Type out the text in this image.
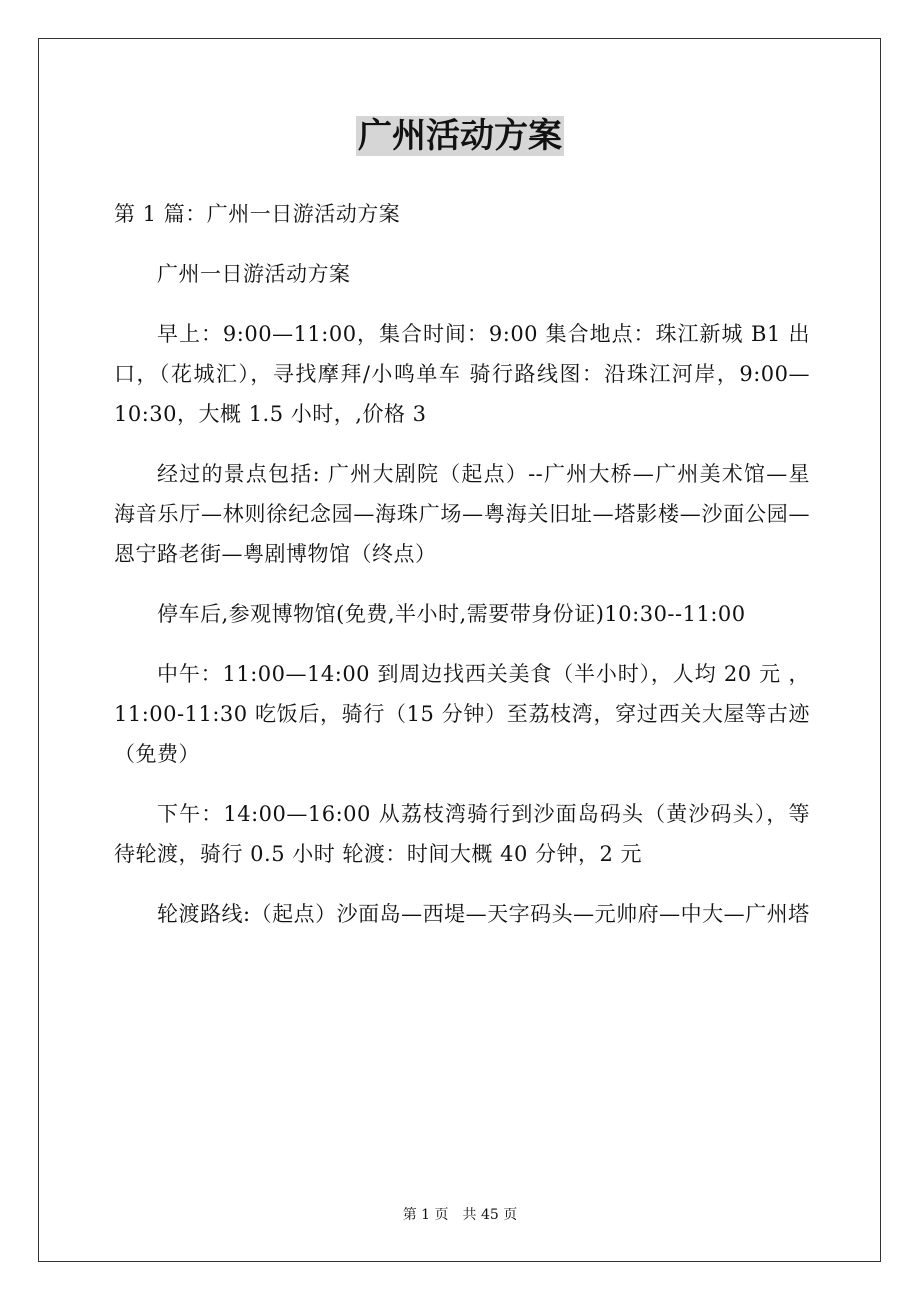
广州活动方案

第 1 篇：广州一日游活动方案

广州一日游活动方案

早上：9:00—11:00，集合时间：9:00 集合地点：珠江新城 B1 出口，（花城汇），寻找摩拜/小鸣单车 骑行路线图：沿珠江河岸，9:00—10:30，大概 1.5 小时，,价格 3

经过的景点包括: 广州大剧院（起点）--广州大桥—广州美术馆—星海音乐厅—林则徐纪念园—海珠广场—粤海关旧址—塔影楼—沙面公园—恩宁路老街—粤剧博物馆（终点）

停车后,参观博物馆(免费,半小时,需要带身份证)10:30--11:00

中午：11:00—14:00 到周边找西关美食（半小时），人均 20 元 ，11:00-11:30 吃饭后，骑行（15 分钟）至荔枝湾，穿过西关大屋等古迹（免费）

下午：14:00—16:00 从荔枝湾骑行到沙面岛码头（黄沙码头），等待轮渡，骑行 0.5 小时 轮渡：时间大概 40 分钟，2 元

轮渡路线:（起点）沙面岛—西堤—天字码头—元帅府—中大—广州塔

第 1 页 共 45 页
